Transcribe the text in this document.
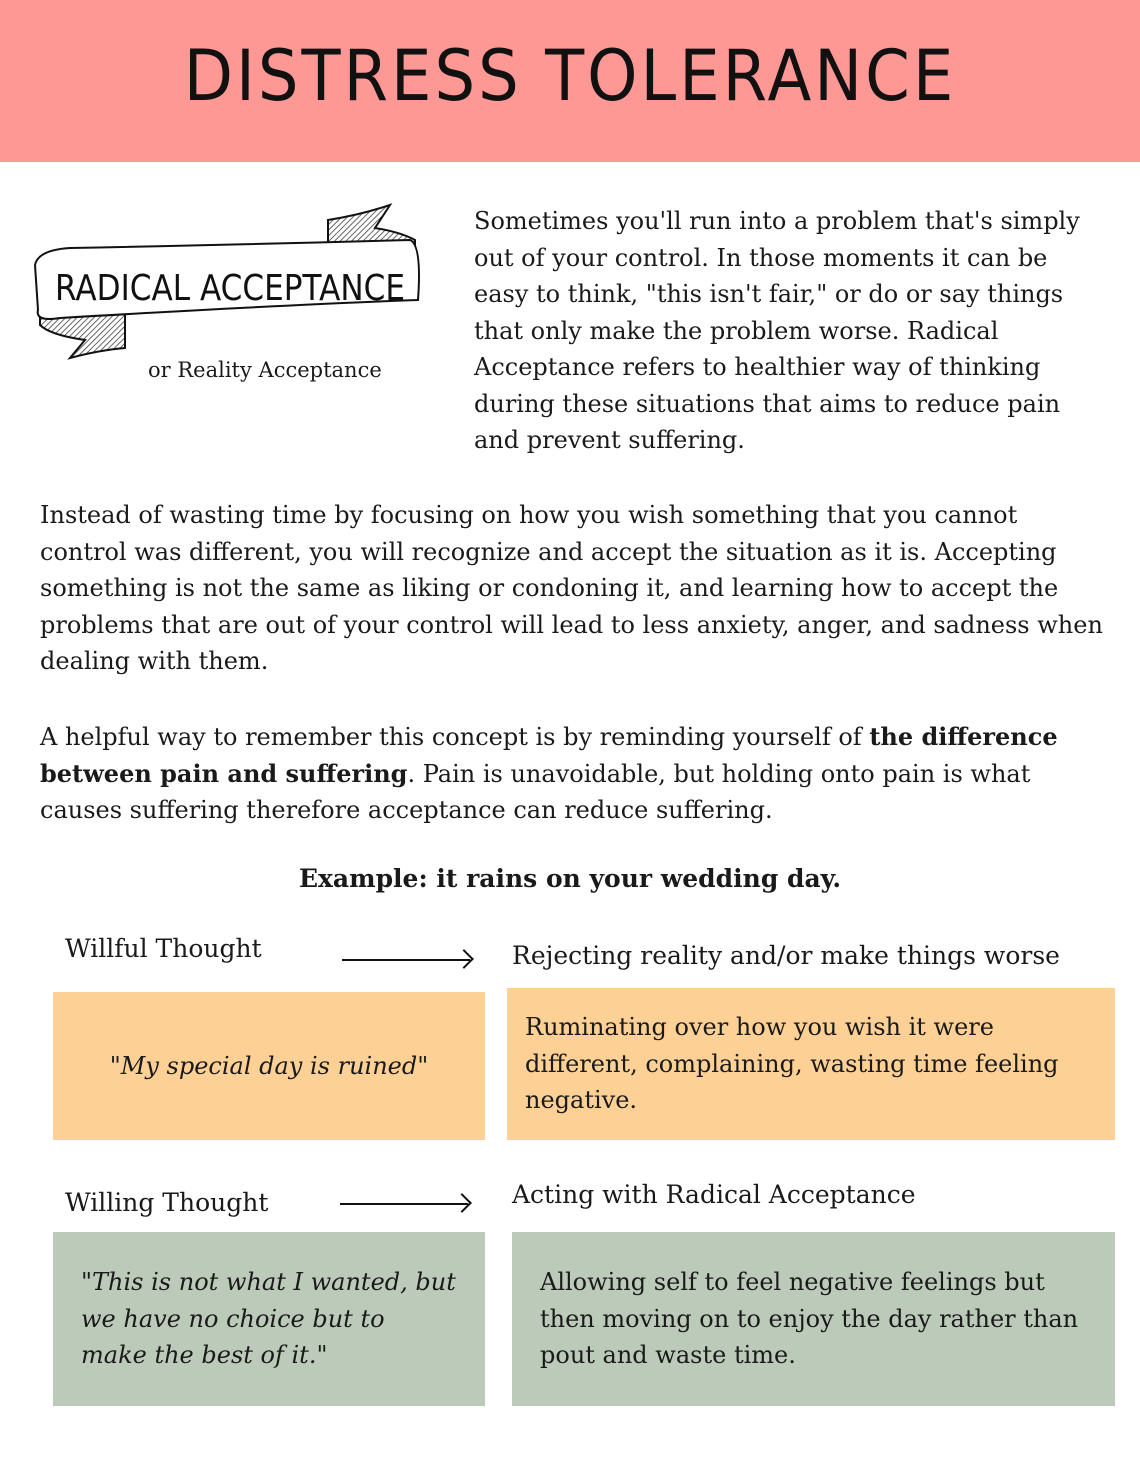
DISTRESS TOLERANCE
RADICAL ACCEPTANCE
or Reality Acceptance
Sometimes you'll run into a problem that's simply out of your control. In those moments it can be easy to think, "this isn't fair," or do or say things that only make the problem worse. Radical Acceptance refers to healthier way of thinking during these situations that aims to reduce pain and prevent suffering.
Instead of wasting time by focusing on how you wish something that you cannot control was different, you will recognize and accept the situation as it is. Accepting something is not the same as liking or condoning it, and learning how to accept the problems that are out of your control will lead to less anxiety, anger, and sadness when dealing with them.
A helpful way to remember this concept is by reminding yourself of the difference between pain and suffering. Pain is unavoidable, but holding onto pain is what causes suffering therefore acceptance can reduce suffering.
Example: it rains on your wedding day.
Willful Thought	Rejecting reality and/or make things worse
"My special day is ruined"
Ruminating over how you wish it were different, complaining, wasting time feeling negative.
Willing Thought	Acting with Radical Acceptance
"This is not what I wanted, but we have no choice but to make the best of it."
Allowing self to feel negative feelings but then moving on to enjoy the day rather than pout and waste time.
